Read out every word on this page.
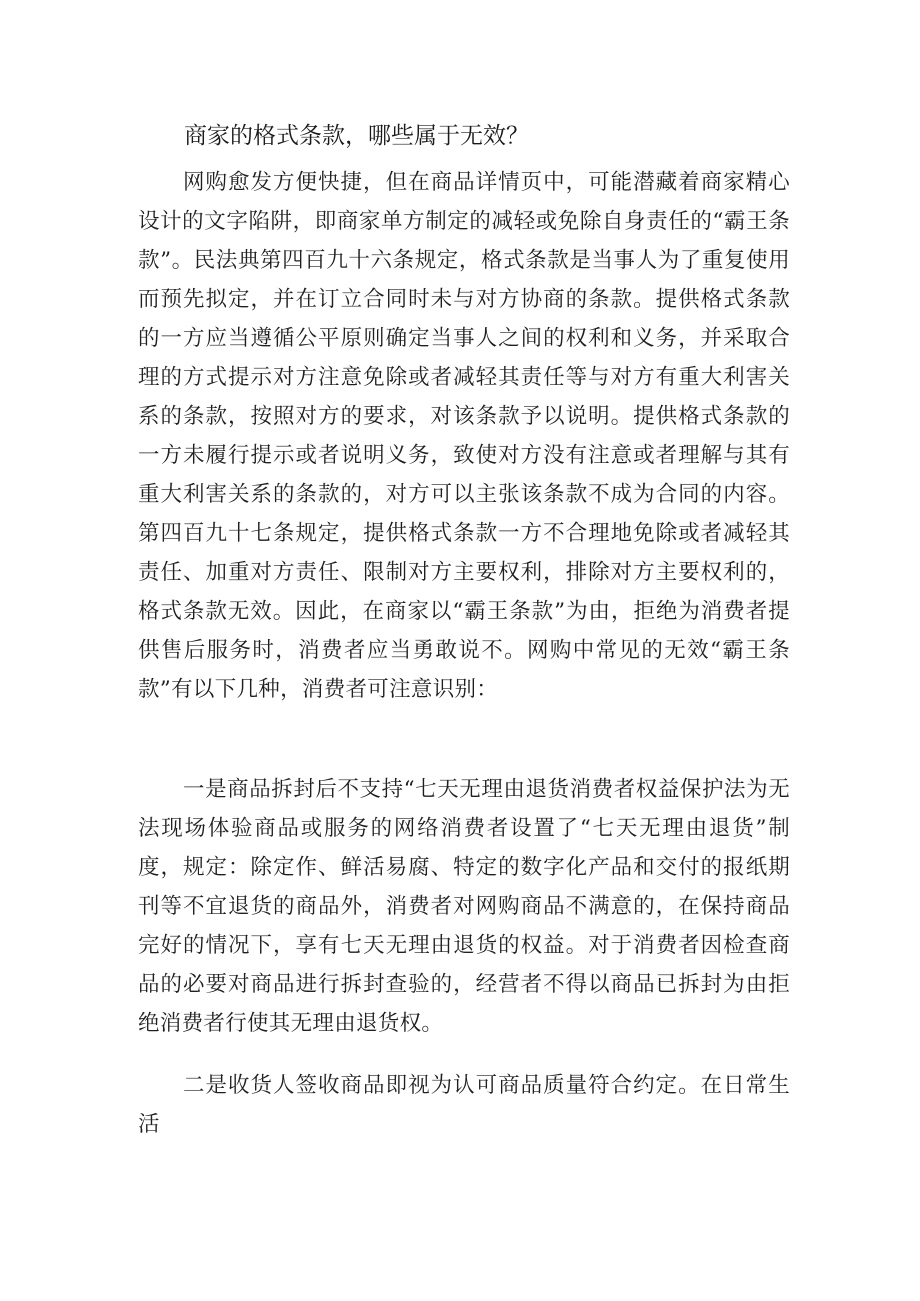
商家的格式条款，哪些属于无效？

网购愈发方便快捷，但在商品详情页中，可能潜藏着商家精心设计的文字陷阱，即商家单方制定的减轻或免除自身责任的“霸王条款”。民法典第四百九十六条规定，格式条款是当事人为了重复使用而预先拟定，并在订立合同时未与对方协商的条款。提供格式条款的一方应当遵循公平原则确定当事人之间的权利和义务，并采取合理的方式提示对方注意免除或者减轻其责任等与对方有重大利害关系的条款，按照对方的要求，对该条款予以说明。提供格式条款的一方未履行提示或者说明义务，致使对方没有注意或者理解与其有重大利害关系的条款的，对方可以主张该条款不成为合同的内容。第四百九十七条规定，提供格式条款一方不合理地免除或者减轻其责任、加重对方责任、限制对方主要权利，排除对方主要权利的，格式条款无效。因此，在商家以“霸王条款”为由，拒绝为消费者提供售后服务时，消费者应当勇敢说不。网购中常见的无效“霸王条款”有以下几种，消费者可注意识别：

一是商品拆封后不支持“七天无理由退货消费者权益保护法为无法现场体验商品或服务的网络消费者设置了“七天无理由退货”制度，规定：除定作、鲜活易腐、特定的数字化产品和交付的报纸期刊等不宜退货的商品外，消费者对网购商品不满意的，在保持商品完好的情况下，享有七天无理由退货的权益。对于消费者因检查商品的必要对商品进行拆封查验的，经营者不得以商品已拆封为由拒绝消费者行使其无理由退货权。

二是收货人签收商品即视为认可商品质量符合约定。在日常生活
